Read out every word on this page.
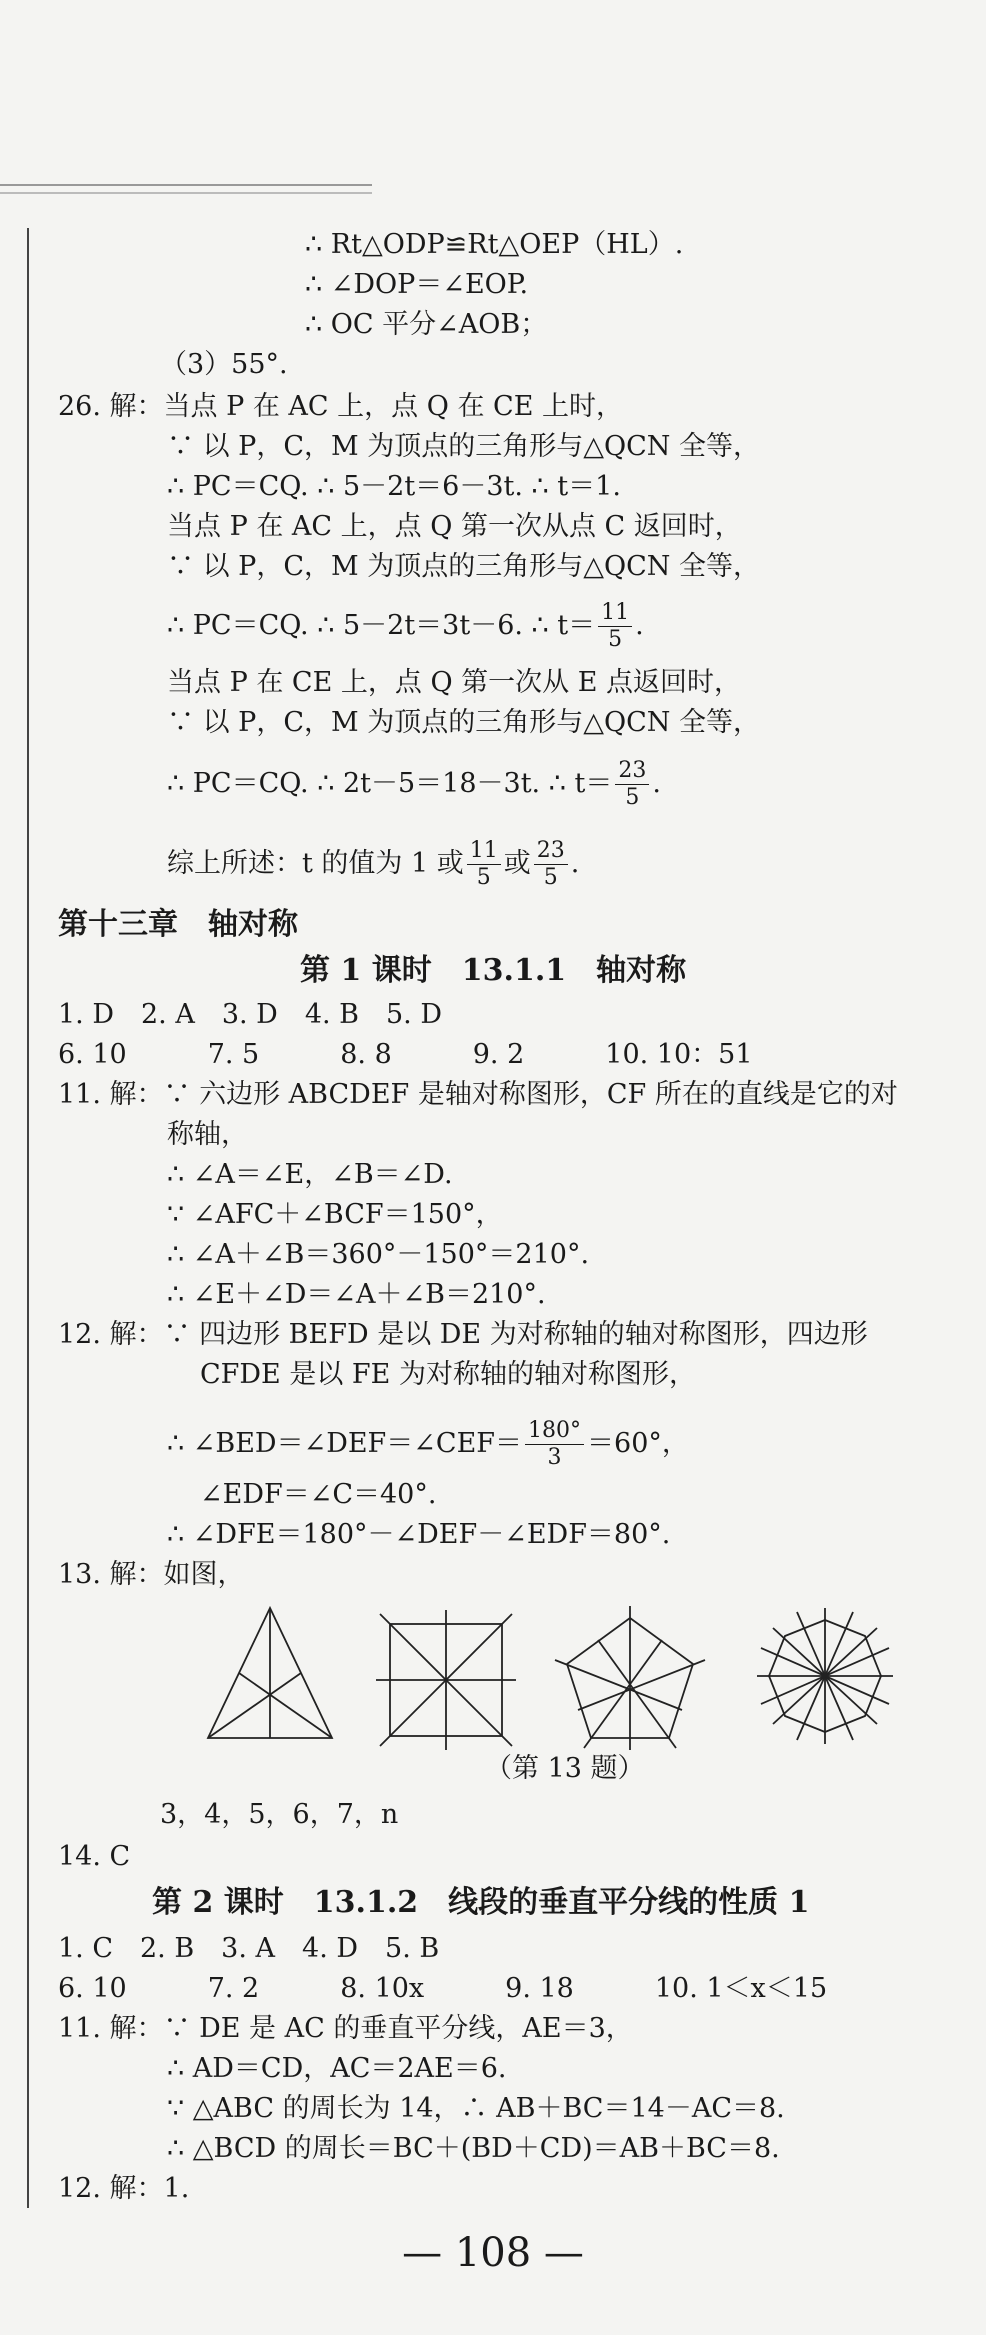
∴ Rt△ODP≌Rt△OEP（HL）.
∴ ∠DOP＝∠EOP.
∴ OC 平分∠AOB；
（3）55°.
26. 解：当点 P 在 AC 上，点 Q 在 CE 上时，
∵ 以 P，C，M 为顶点的三角形与△QCN 全等，
∴ PC＝CQ. ∴ 5－2t＝6－3t. ∴ t＝1.
当点 P 在 AC 上，点 Q 第一次从点 C 返回时，
∵ 以 P，C，M 为顶点的三角形与△QCN 全等，
∴ PC＝CQ. ∴ 5－2t＝3t－6. ∴ $t= \frac{11}{5}$ .
当点 P 在 CE 上，点 Q 第一次从 E 点返回时，
∵ 以 P，C，M 为顶点的三角形与△QCN 全等，
∴ PC＝CQ. ∴ 2t－5＝18－3t. ∴ $t= \frac{23}{5}$ .
综上所述：t 的值为 1 或 $\frac{11}{5}$ 或 $\frac{23}{5}$ .
第十三章　轴对称
第 1 课时　13.1.1　轴对称
1. D　2. A　3. D　4. B　5. D
6. 10　　　7. 5　　　8. 8　　　9. 2　　　10. 10：51
11. 解：∵ 六边形 ABCDEF 是轴对称图形，CF 所在的直线是它的对
称轴，
∴ ∠A＝∠E，∠B＝∠D.
∵ ∠AFC＋∠BCF＝150°，
∴ ∠A＋∠B＝360°－150°＝210°.
∴ ∠E＋∠D＝∠A＋∠B＝210°.
12. 解：∵ 四边形 BEFD 是以 DE 为对称轴的轴对称图形，四边形
CFDE 是以 FE 为对称轴的轴对称图形，
∴ ∠BED＝∠DEF＝∠CEF＝ $\frac{180^\circ}{3} =60^\circ$，
∠EDF＝∠C＝40°.
∴ ∠DFE＝180°－∠DEF－∠EDF＝80°.
13. 解：如图，
（第 13 题）
3，4，5，6，7，n
14. C
第 2 课时　13.1.2　线段的垂直平分线的性质 1
1. C　2. B　3. A　4. D　5. B
6. 10　　　7. 2　　　8. 10x　　　9. 18　　　10. 1＜x＜15
11. 解：∵ DE 是 AC 的垂直平分线，AE＝3，
∴ AD＝CD，AC＝2AE＝6.
∵ △ABC 的周长为 14，∴ AB＋BC＝14－AC＝8.
∴ △BCD 的周长＝BC＋(BD＋CD)＝AB＋BC＝8.
12. 解：1.
— 108 —
